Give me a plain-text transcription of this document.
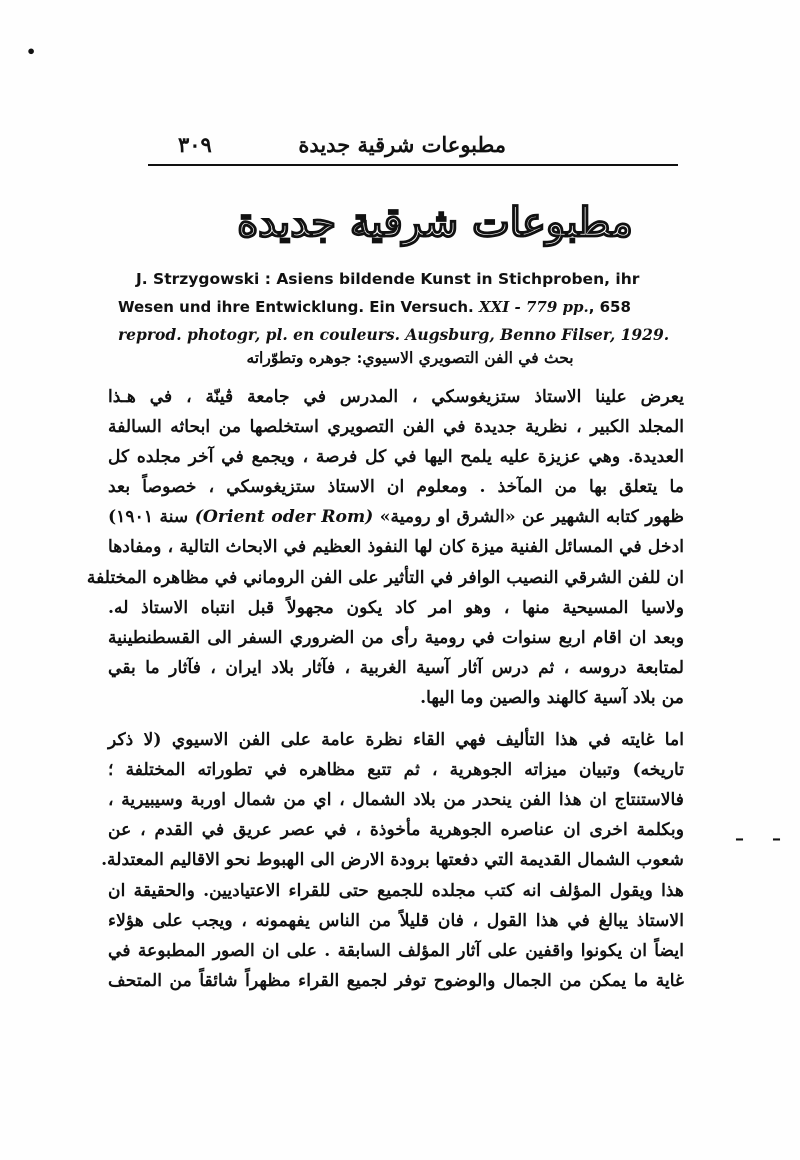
•
مطبوعات شرقية جديدة
٣٠٩
مطبوعات شرقية جديدة
J. Strzygowski : Asiens bildende Kunst in Stichproben, ihr
Wesen und ihre Entwicklung. Ein Versuch. XXI - 779 pp., 658
reprod. photogr, pl. en couleurs. Augsburg, Benno Filser, 1929.
بحث في الفن التصويري الاسيوي: جوهره وتطوّراته
يعرض علينا الاستاذ ستزيغوسكي ، المدرس في جامعة ڤينّة ، في هـذا
المجلد الكبير ، نظرية جديدة في الفن التصويري استخلصها من ابحاثه السالفة
العديدة. وهي عزيزة عليه يلمح اليها في كل فرصة ، ويجمع في آخر مجلده كل
ما يتعلق بها من المآخذ . ومعلوم ان الاستاذ ستزيغوسكي ، خصوصاً بعد
ظهور كتابه الشهير عن «الشرق او رومية» (Orient oder Rom) سنة ١٩٠١)
ادخل في المسائل الفنية ميزة كان لها النفوذ العظيم في الابحاث التالية ، ومفادها
ان للفن الشرقي النصيب الوافر في التأثير على الفن الروماني في مظاهره المختلفة
ولاسيا المسيحية منها ، وهو امر كاد يكون مجهولاً قبل انتباه الاستاذ له.
وبعد ان اقام اربع سنوات في رومية رأى من الضروري السفر الى القسطنطينية
لمتابعة دروسه ، ثم درس آثار آسية الغربية ، فآثار بلاد ايران ، فآثار ما بقي
من بلاد آسية كالهند والصين وما اليها.
اما غايته في هذا التأليف فهي القاء نظرة عامة على الفن الاسيوي (لا ذكر
تاريخه) وتبيان ميزاته الجوهرية ، ثم تتبع مظاهره في تطوراته المختلفة ؛
فالاستنتاج ان هذا الفن ينحدر من بلاد الشمال ، اي من شمال اوربة وسيبيرية ،
وبكلمة اخرى ان عناصره الجوهرية مأخوذة ، في عصر عريق في القدم ، عن
شعوب الشمال القديمة التي دفعتها برودة الارض الى الهبوط نحو الاقاليم المعتدلة.
هذا ويقول المؤلف انه كتب مجلده للجميع حتى للقراء الاعتياديين. والحقيقة ان
الاستاذ يبالغ في هذا القول ، فان قليلاً من الناس يفهمونه ، ويجب على هؤلاء
ايضاً ان يكونوا واقفين على آثار المؤلف السابقة . على ان الصور المطبوعة في
غاية ما يمكن من الجمال والوضوح توفر لجميع القراء مظهراً شائقاً من المتحف
– –
